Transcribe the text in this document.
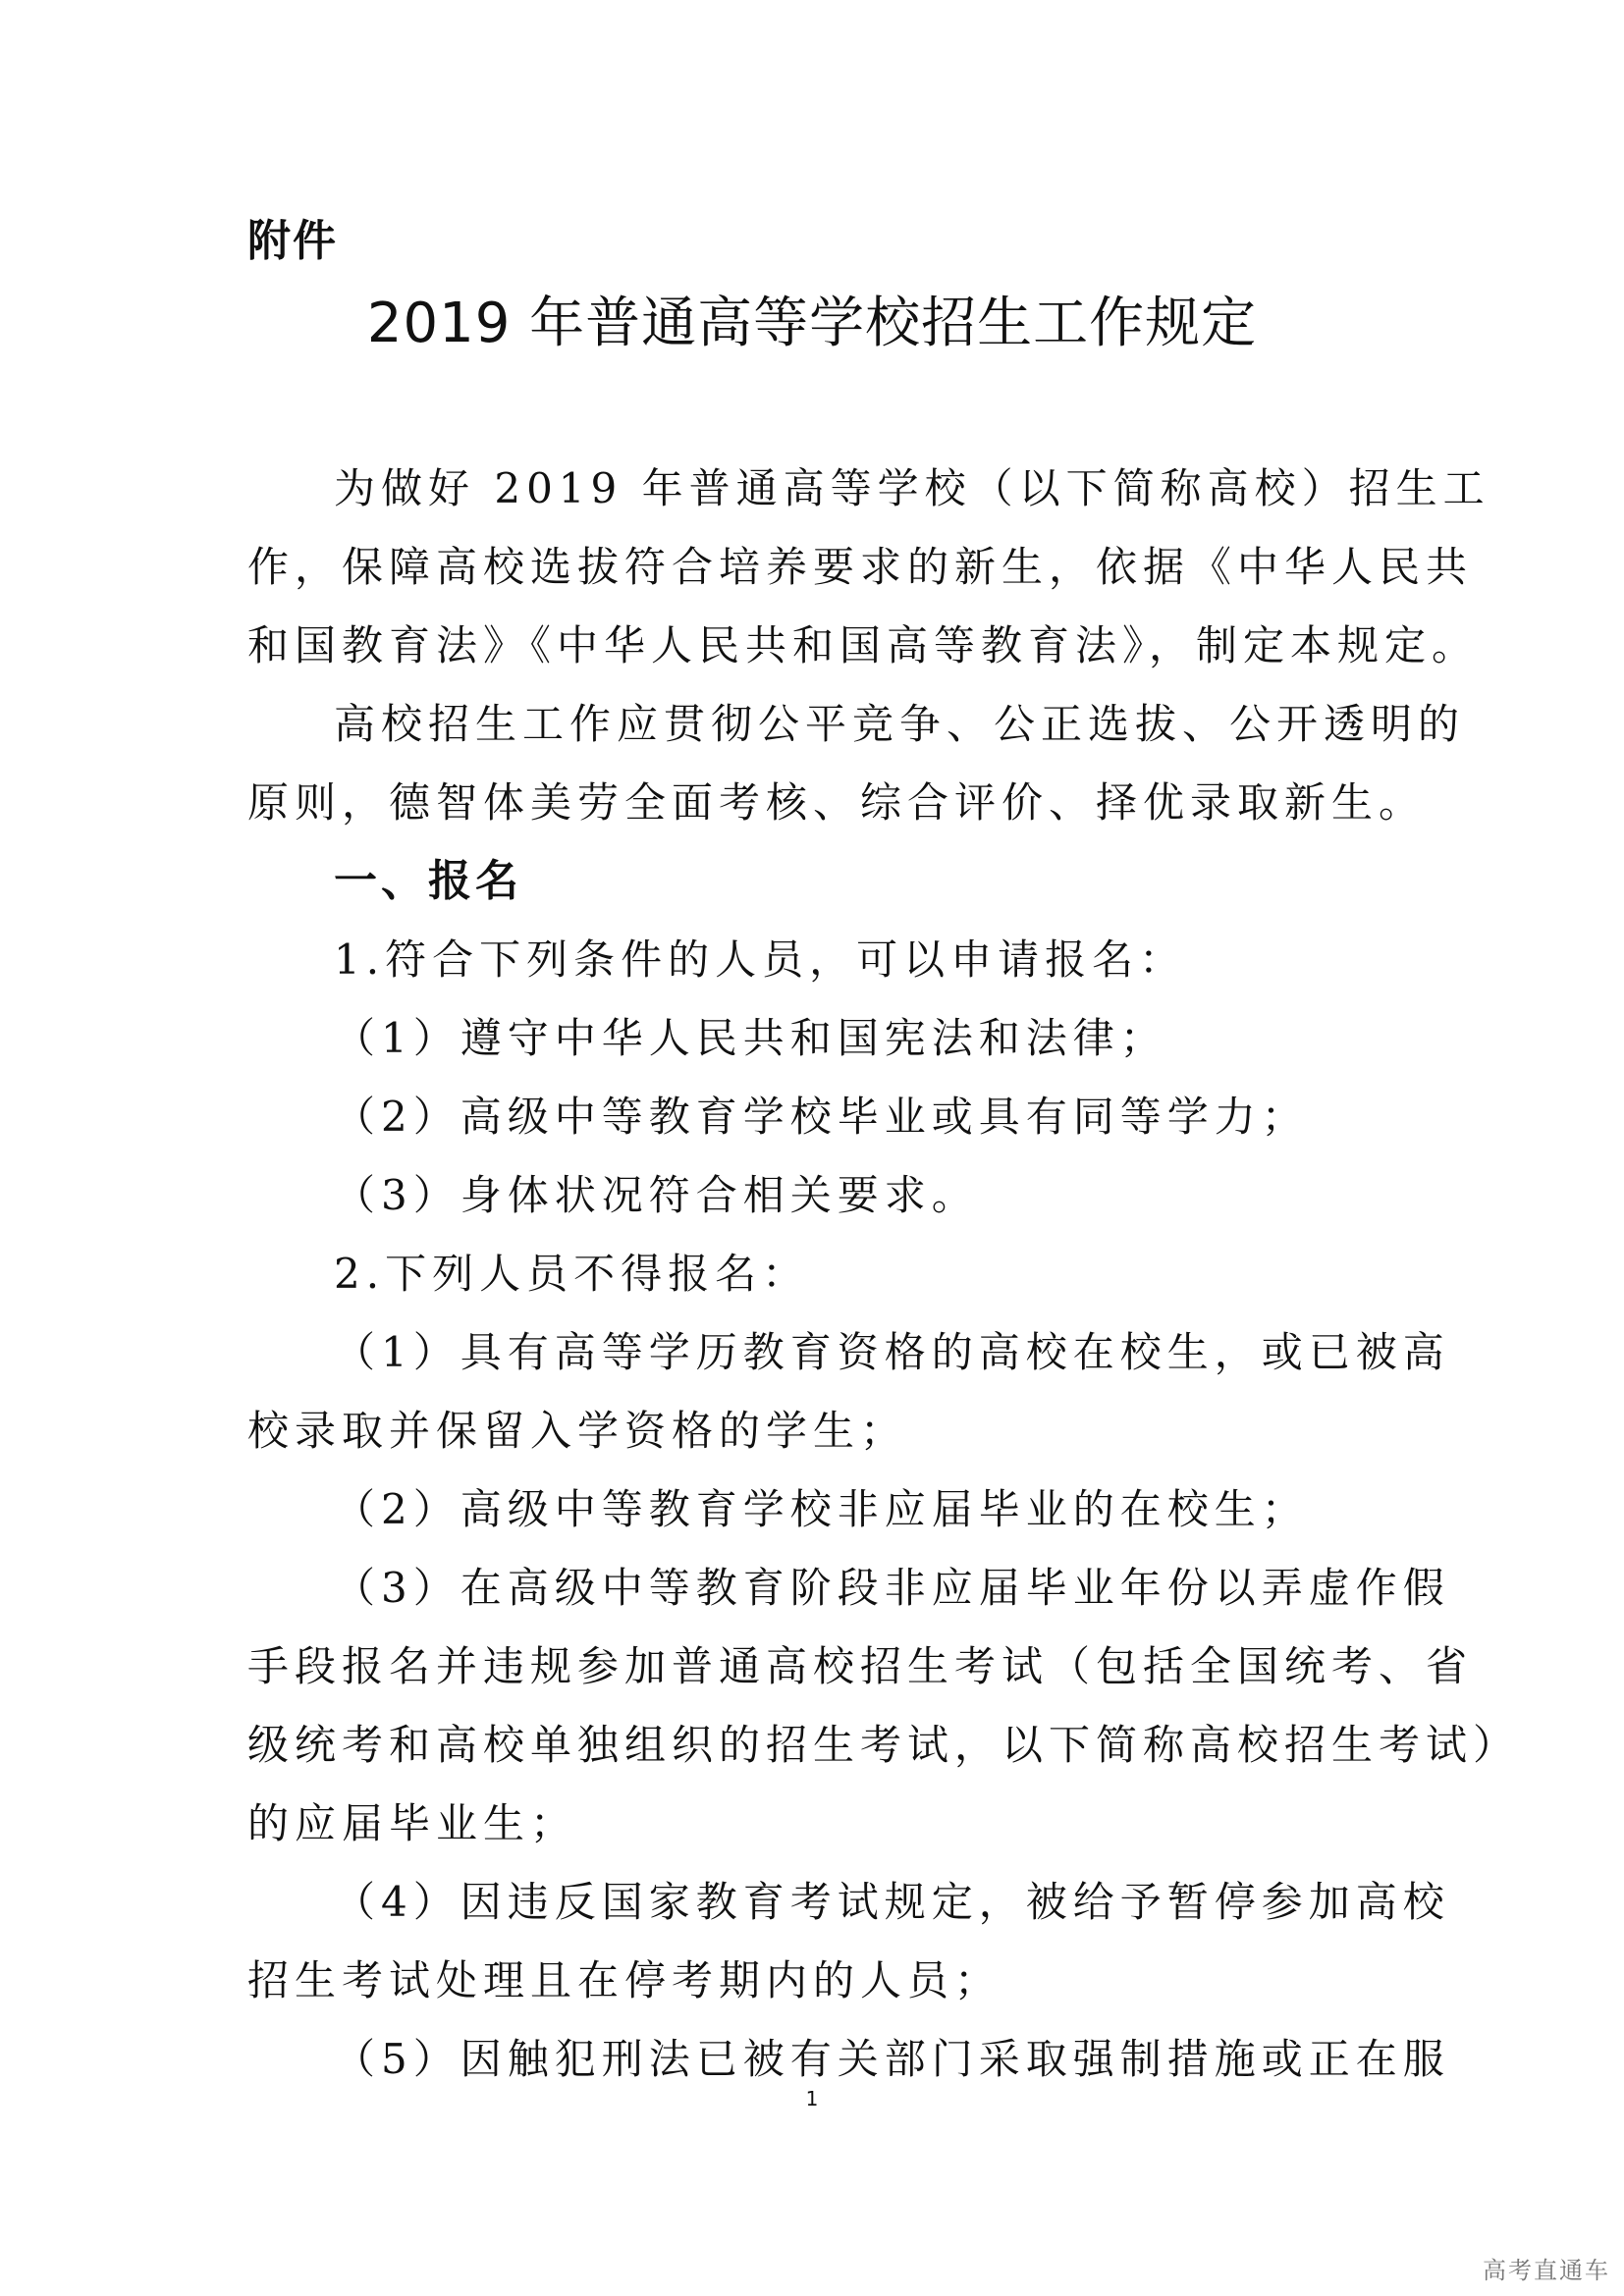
附件
2019 年普通高等学校招生工作规定
为做好 2019 年普通高等学校（以下简称高校）招生工
作，保障高校选拔符合培养要求的新生，依据《中华人民共
和国教育法》《中华人民共和国高等教育法》，制定本规定。
高校招生工作应贯彻公平竞争、公正选拔、公开透明的
原则，德智体美劳全面考核、综合评价、择优录取新生。
一、报名
1.符合下列条件的人员，可以申请报名：
（1）遵守中华人民共和国宪法和法律；
（2）高级中等教育学校毕业或具有同等学力；
（3）身体状况符合相关要求。
2.下列人员不得报名：
（1）具有高等学历教育资格的高校在校生，或已被高
校录取并保留入学资格的学生；
（2）高级中等教育学校非应届毕业的在校生；
（3）在高级中等教育阶段非应届毕业年份以弄虚作假
手段报名并违规参加普通高校招生考试（包括全国统考、省
级统考和高校单独组织的招生考试，以下简称高校招生考试）
的应届毕业生；
（4）因违反国家教育考试规定，被给予暂停参加高校
招生考试处理且在停考期内的人员；
（5）因触犯刑法已被有关部门采取强制措施或正在服
1
高考直通车
